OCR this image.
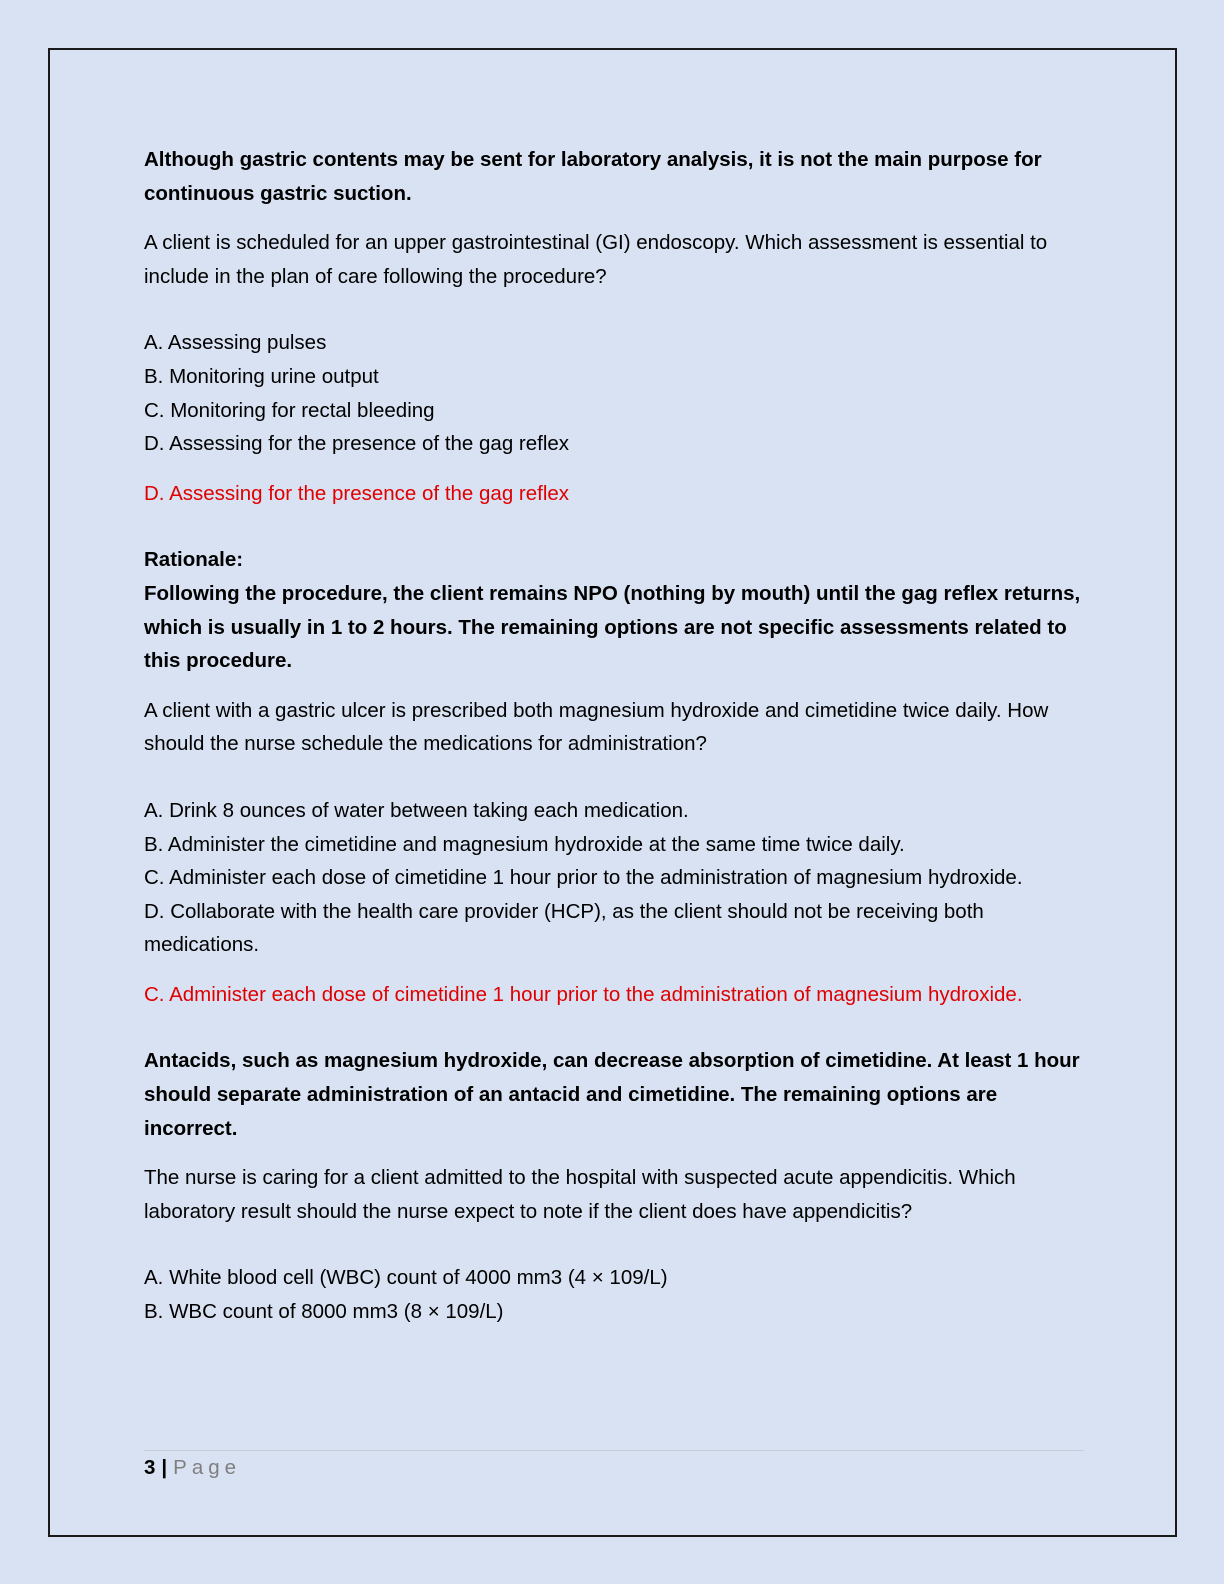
Although gastric contents may be sent for laboratory analysis, it is not the main purpose for continuous gastric suction.

A client is scheduled for an upper gastrointestinal (GI) endoscopy. Which assessment is essential to include in the plan of care following the procedure?

A. Assessing pulses

B. Monitoring urine output

C. Monitoring for rectal bleeding

D. Assessing for the presence of the gag reflex

D. Assessing for the presence of the gag reflex

Rationale:

Following the procedure, the client remains NPO (nothing by mouth) until the gag reflex returns, which is usually in 1 to 2 hours. The remaining options are not specific assessments related to this procedure.

A client with a gastric ulcer is prescribed both magnesium hydroxide and cimetidine twice daily. How should the nurse schedule the medications for administration?

A. Drink 8 ounces of water between taking each medication.

B. Administer the cimetidine and magnesium hydroxide at the same time twice daily.

C. Administer each dose of cimetidine 1 hour prior to the administration of magnesium hydroxide.

D. Collaborate with the health care provider (HCP), as the client should not be receiving both medications.

C. Administer each dose of cimetidine 1 hour prior to the administration of magnesium hydroxide.

Antacids, such as magnesium hydroxide, can decrease absorption of cimetidine. At least 1 hour should separate administration of an antacid and cimetidine. The remaining options are incorrect.

The nurse is caring for a client admitted to the hospital with suspected acute appendicitis. Which laboratory result should the nurse expect to note if the client does have appendicitis?

A. White blood cell (WBC) count of 4000 mm3 (4 × 109/L)

B. WBC count of 8000 mm3 (8 × 109/L)

3 | Page
